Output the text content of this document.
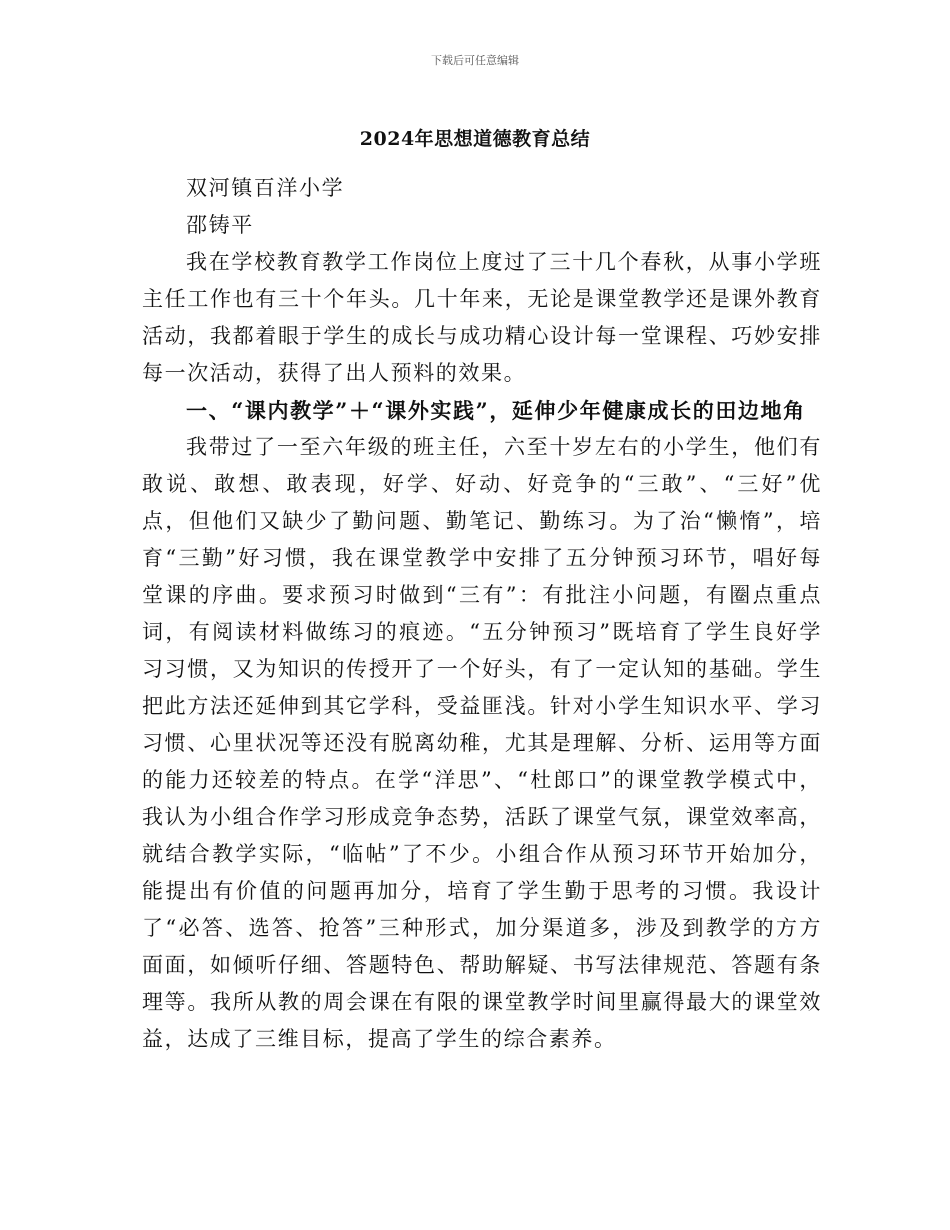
下载后可任意编辑
2024年思想道德教育总结
双河镇百洋小学
邵铸平

我在学校教育教学工作岗位上度过了三十几个春秋，从事小学班主任工作也有三十个年头。几十年来，无论是课堂教学还是课外教育活动，我都着眼于学生的成长与成功精心设计每一堂课程、巧妙安排每一次活动，获得了出人预料的效果。

一、“课内教学”＋“课外实践”，延伸少年健康成长的田边地角

我带过了一至六年级的班主任，六至十岁左右的小学生，他们有敢说、敢想、敢表现，好学、好动、好竞争的“三敢”、“三好”优点，但他们又缺少了勤问题、勤笔记、勤练习。为了治“懒惰”，培育“三勤”好习惯，我在课堂教学中安排了五分钟预习环节，唱好每堂课的序曲。要求预习时做到“三有”：有批注小问题，有圈点重点词，有阅读材料做练习的痕迹。“五分钟预习”既培育了学生良好学习习惯，又为知识的传授开了一个好头，有了一定认知的基础。学生把此方法还延伸到其它学科，受益匪浅。针对小学生知识水平、学习习惯、心里状况等还没有脱离幼稚，尤其是理解、分析、运用等方面的能力还较差的特点。在学“洋思”、“杜郎口”的课堂教学模式中，我认为小组合作学习形成竞争态势，活跃了课堂气氛，课堂效率高，就结合教学实际，“临帖”了不少。小组合作从预习环节开始加分，能提出有价值的问题再加分，培育了学生勤于思考的习惯。我设计了“必答、选答、抢答”三种形式，加分渠道多，涉及到教学的方方面面，如倾听仔细、答题特色、帮助解疑、书写法律规范、答题有条理等。我所从教的周会课在有限的课堂教学时间里赢得最大的课堂效益，达成了三维目标，提高了学生的综合素养。
